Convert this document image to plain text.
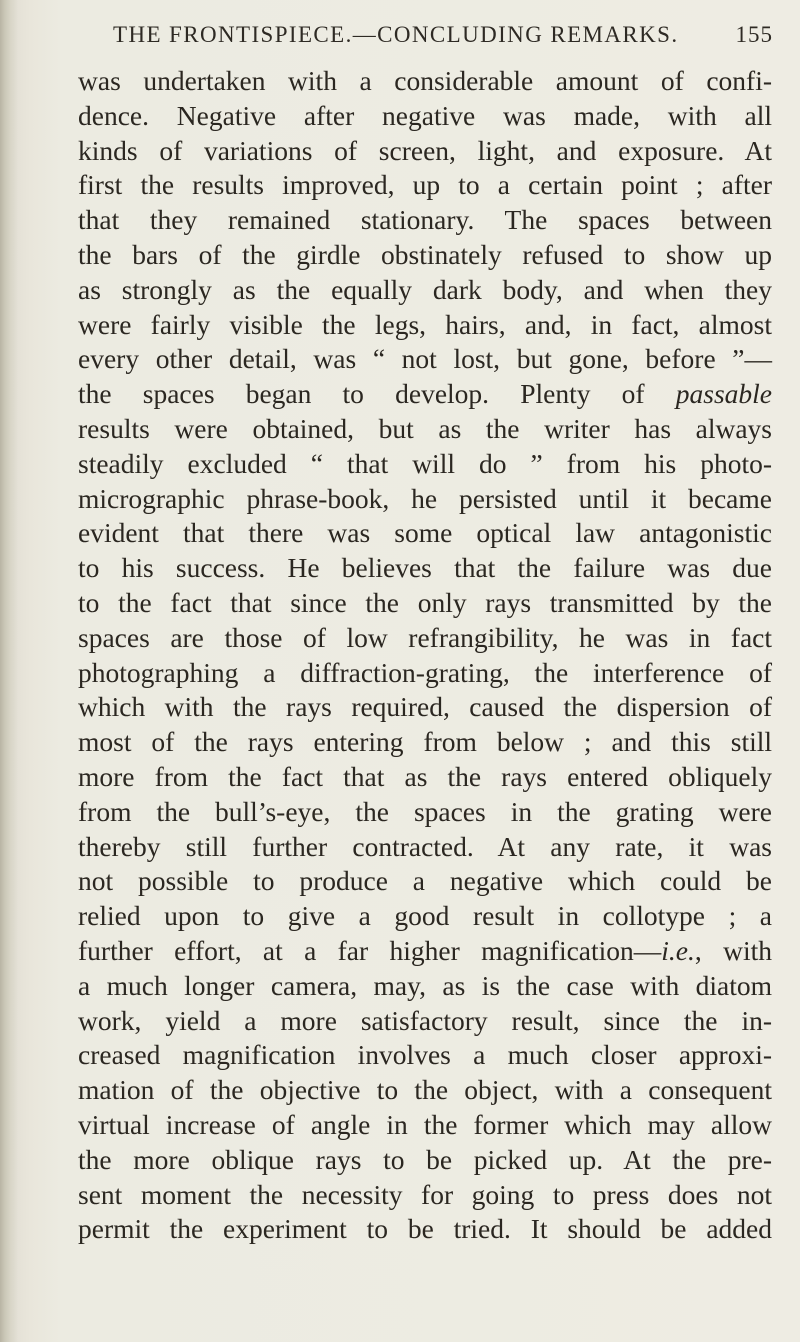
THE FRONTISPIECE.—CONCLUDING REMARKS. 155
was undertaken with a considerable amount of confi-
dence. Negative after negative was made, with all
kinds of variations of screen, light, and exposure. At
first the results improved, up to a certain point ; after
that they remained stationary. The spaces between
the bars of the girdle obstinately refused to show up
as strongly as the equally dark body, and when they
were fairly visible the legs, hairs, and, in fact, almost
every other detail, was “ not lost, but gone, before ”—
the spaces began to develop. Plenty of passable
results were obtained, but as the writer has always
steadily excluded “ that will do ” from his photo-
micrographic phrase-book, he persisted until it became
evident that there was some optical law antagonistic
to his success. He believes that the failure was due
to the fact that since the only rays transmitted by the
spaces are those of low refrangibility, he was in fact
photographing a diffraction-grating, the interference of
which with the rays required, caused the dispersion of
most of the rays entering from below ; and this still
more from the fact that as the rays entered obliquely
from the bull’s-eye, the spaces in the grating were
thereby still further contracted. At any rate, it was
not possible to produce a negative which could be
relied upon to give a good result in collotype ; a
further effort, at a far higher magnification—i.e., with
a much longer camera, may, as is the case with diatom
work, yield a more satisfactory result, since the in-
creased magnification involves a much closer approxi-
mation of the objective to the object, with a consequent
virtual increase of angle in the former which may allow
the more oblique rays to be picked up. At the pre-
sent moment the necessity for going to press does not
permit the experiment to be tried. It should be added
